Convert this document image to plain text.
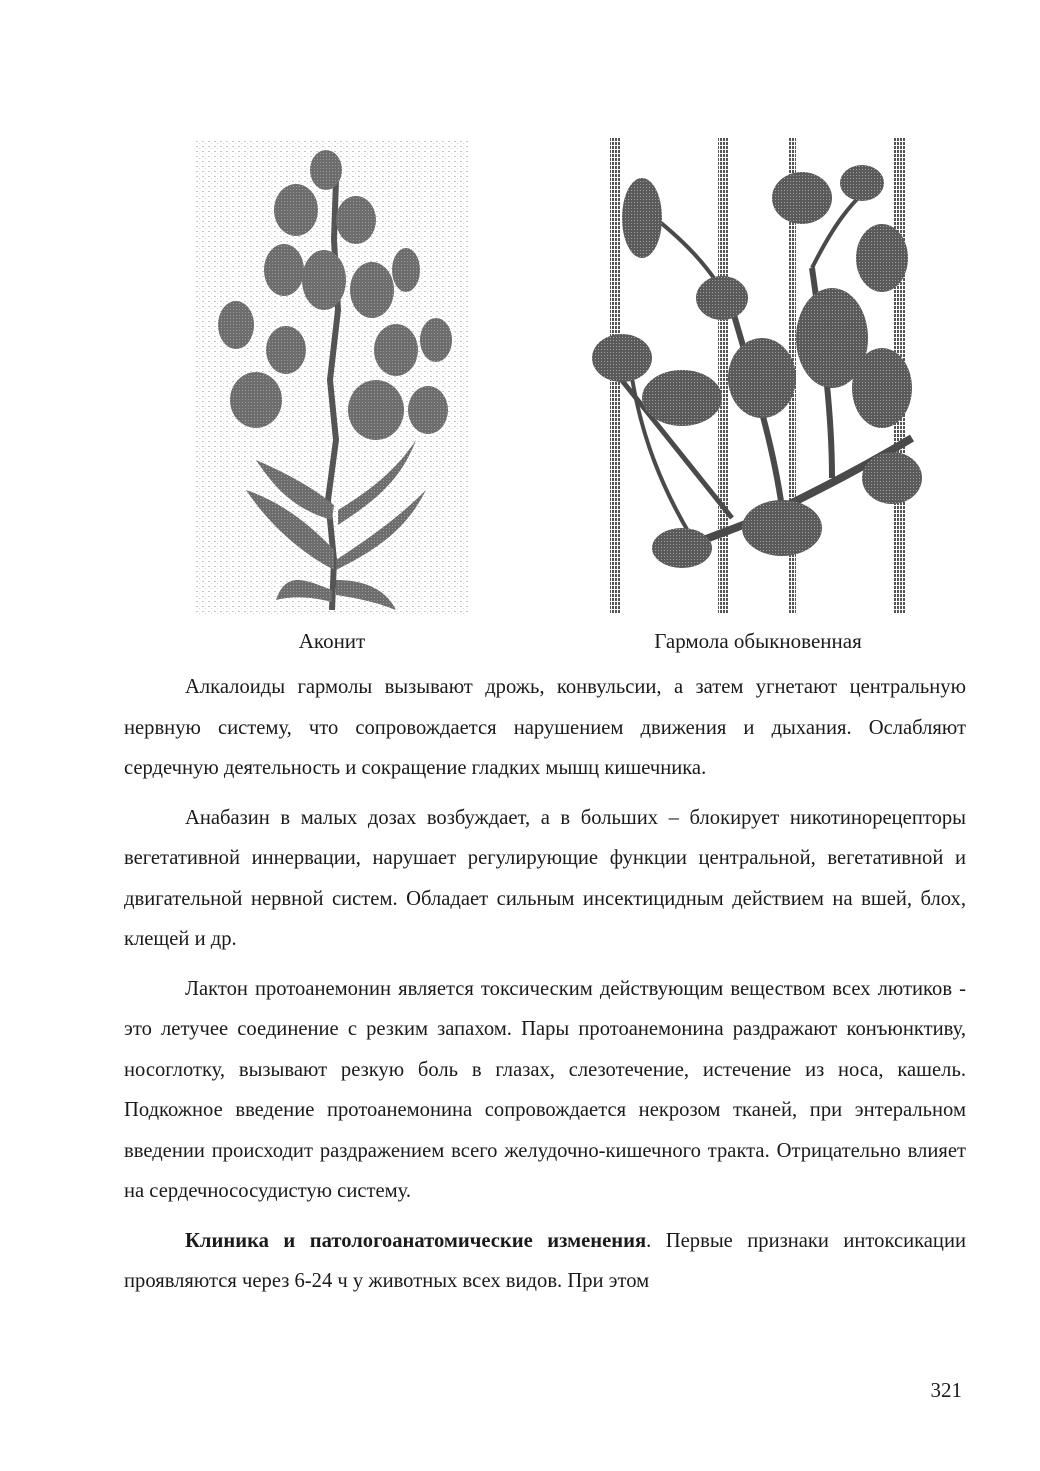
Аконит	Гармола обыкновенная

Алкалоиды гармолы вызывают дрожь, конвульсии, а затем угнетают центральную нервную систему, что сопровождается нарушением движения и дыхания. Ослабляют сердечную деятельность и сокращение гладких мышц кишечника.

Анабазин в малых дозах возбуждает, а в больших – блокирует никотинорецепторы вегетативной иннервации, нарушает регулирующие функции центральной, вегетативной и двигательной нервной систем. Обладает сильным инсектицидным действием на вшей, блох, клещей и др.

Лактон протоанемонин является токсическим действующим веществом всех лютиков - это летучее соединение с резким запахом. Пары протоанемонина раздражают конъюнктиву, носоглотку, вызывают резкую боль в глазах, слезотечение, истечение из носа, кашель. Подкожное введение протоанемонина сопровождается некрозом тканей, при энтеральном введении происходит раздражением всего желудочно-кишечного тракта. Отрицательно влияет на сердечнососудистую систему.

Клиника и патологоанатомические изменения. Первые признаки интоксикации проявляются через 6-24 ч у животных всех видов. При этом

321
